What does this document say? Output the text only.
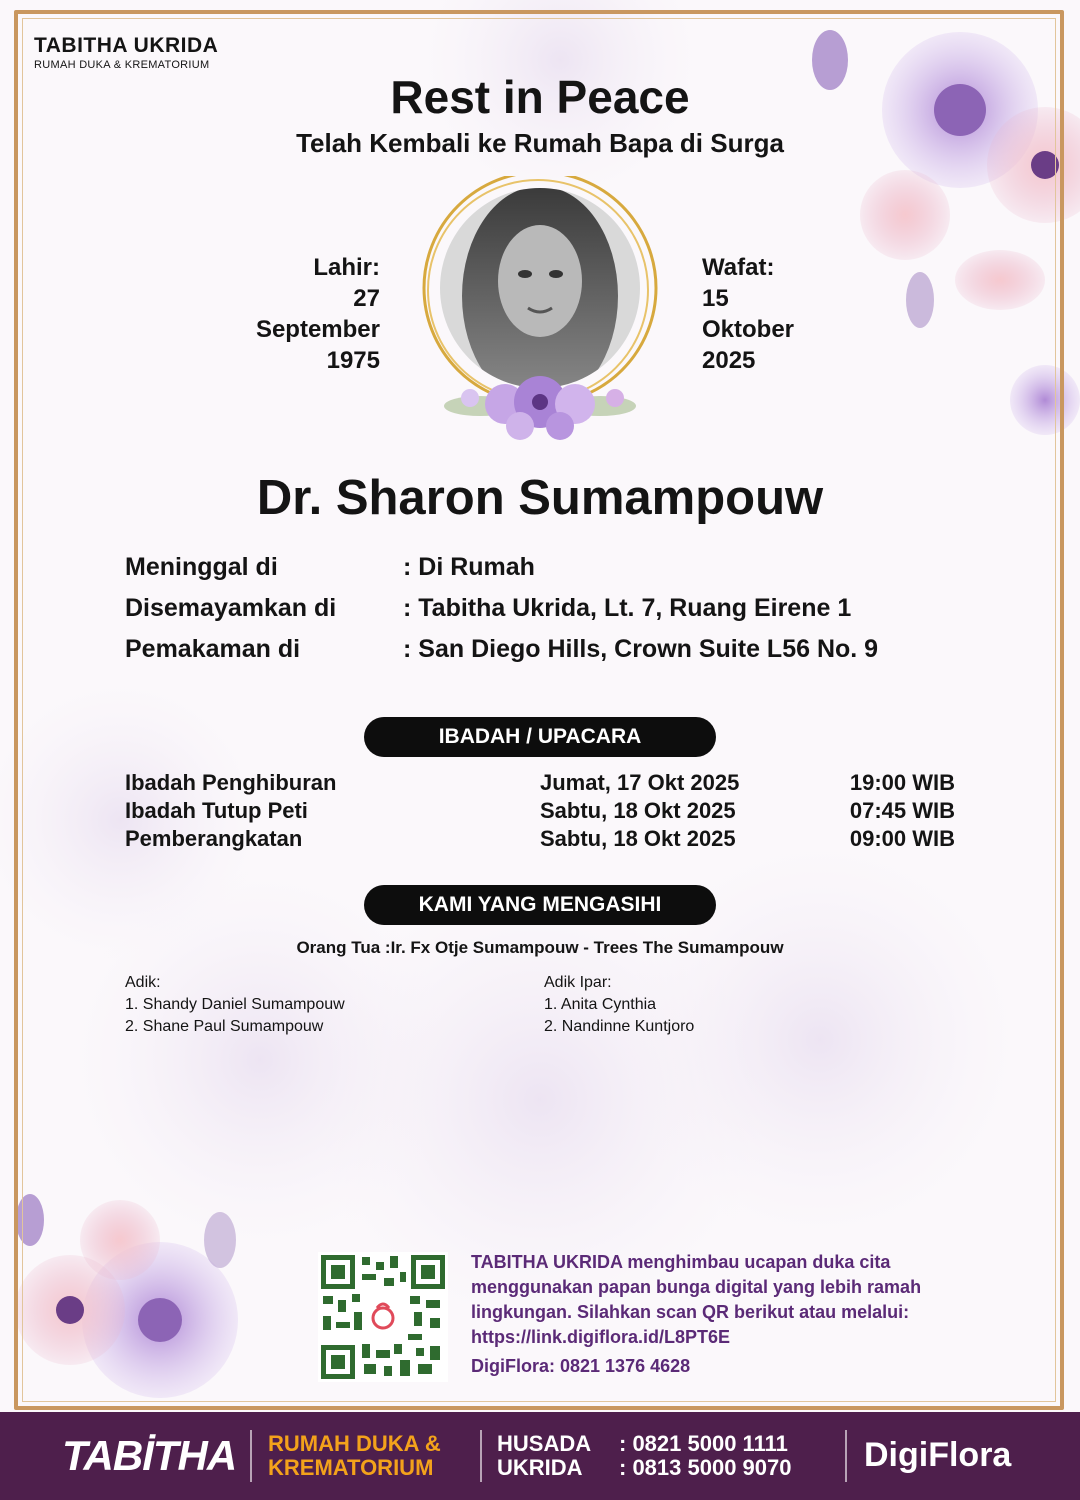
TABITHA UKRIDA
RUMAH DUKA & KREMATORIUM
Rest in Peace
Telah Kembali ke Rumah Bapa di Surga
Lahir:
27
September
1975
Wafat:
15
Oktober
2025
Dr. Sharon Sumampouw
Meninggal di	: Di Rumah
Disemayamkan di	: Tabitha Ukrida, Lt. 7, Ruang Eirene 1
Pemakaman di	: San Diego Hills, Crown Suite L56 No. 9
IBADAH / UPACARA
Ibadah Penghiburan	Jumat, 17 Okt 2025	19:00 WIB
Ibadah Tutup Peti	Sabtu, 18 Okt 2025	07:45 WIB
Pemberangkatan	Sabtu, 18 Okt 2025	09:00 WIB
KAMI YANG MENGASIHI
Orang Tua :Ir. Fx Otje Sumampouw - Trees The Sumampouw
Adik:
1. Shandy Daniel Sumampouw
2. Shane Paul Sumampouw
Adik Ipar:
1. Anita Cynthia
2. Nandinne Kuntjoro
TABITHA UKRIDA menghimbau ucapan duka cita
menggunakan papan bunga digital yang lebih ramah
lingkungan. Silahkan scan QR berikut atau melalui:
https://link.digiflora.id/L8PT6E
DigiFlora: 0821 1376 4628
TABİTHA RUMAH DUKA &
KREMATORIUM
HUSADA : 0821 5000 1111
UKRIDA : 0813 5000 9070 DigiFlora
